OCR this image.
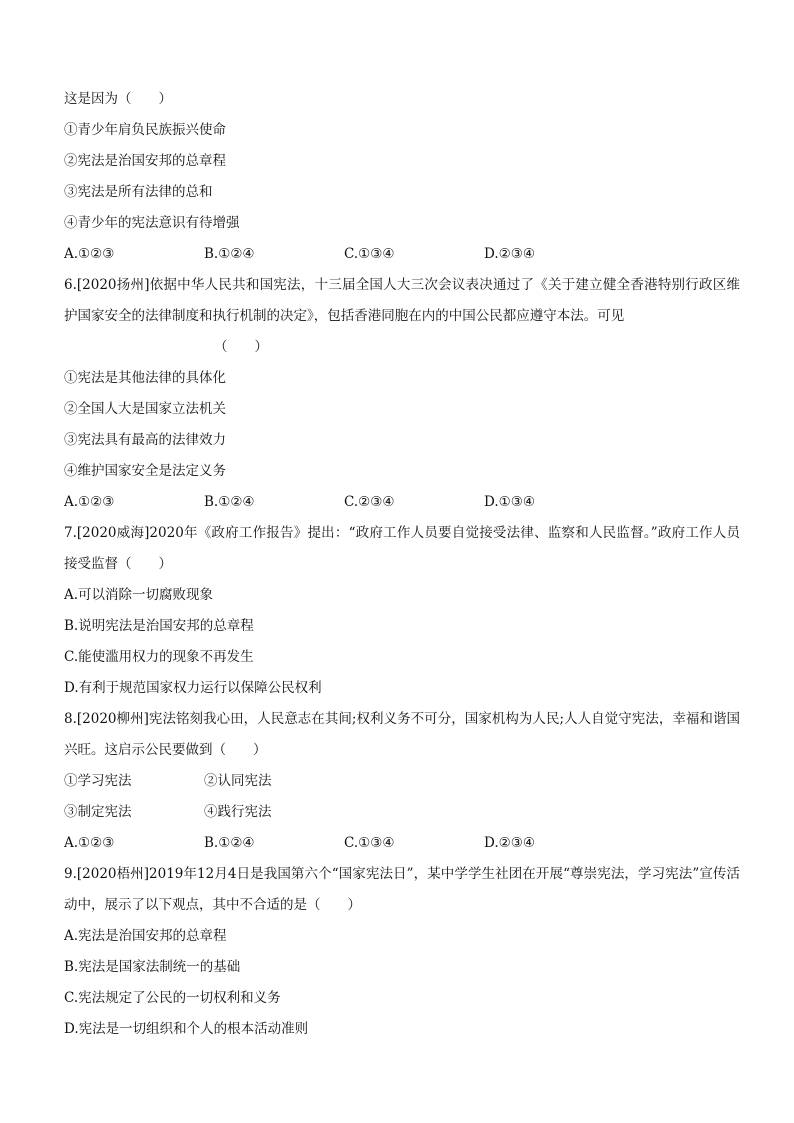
这是因为（　　）
①青少年肩负民族振兴使命
②宪法是治国安邦的总章程
③宪法是所有法律的总和
④青少年的宪法意识有待增强
A.①②③	B.①②④	C.①③④	D.②③④
6.[2020扬州]依据中华人民共和国宪法，十三届全国人大三次会议表决通过了《关于建立健全香港特别行政区维护国家安全的法律制度和执行机制的决定》，包括香港同胞在内的中国公民都应遵守本法。可见
（　　）
①宪法是其他法律的具体化
②全国人大是国家立法机关
③宪法具有最高的法律效力
④维护国家安全是法定义务
A.①②③	B.①②④	C.②③④	D.①③④
7.[2020威海]2020年《政府工作报告》提出：“政府工作人员要自觉接受法律、监察和人民监督。”政府工作人员接受监督（　　）
A.可以消除一切腐败现象
B.说明宪法是治国安邦的总章程
C.能使滥用权力的现象不再发生
D.有利于规范国家权力运行以保障公民权利
8.[2020柳州]宪法铭刻我心田，人民意志在其间;权利义务不可分，国家机构为人民;人人自觉守宪法，幸福和谐国兴旺。这启示公民要做到（　　）
①学习宪法	②认同宪法
③制定宪法	④践行宪法
A.①②③	B.①②④	C.①③④	D.②③④
9.[2020梧州]2019年12月4日是我国第六个“国家宪法日”，某中学学生社团在开展“尊崇宪法，学习宪法”宣传活动中，展示了以下观点，其中不合适的是（　　）
A.宪法是治国安邦的总章程
B.宪法是国家法制统一的基础
C.宪法规定了公民的一切权利和义务
D.宪法是一切组织和个人的根本活动准则
